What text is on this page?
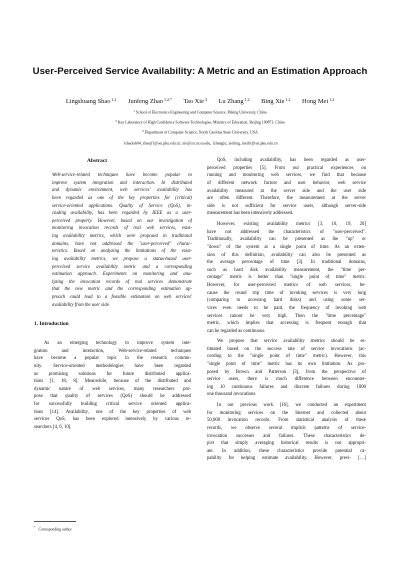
User-Perceived Service Availability: A Metric and an Estimation Approach
Lingshuang Shao$^{1,2}$ Junfeng Zhao$^{1,2,*}$ Tao Xie$^3$ Lu Zhang$^{1,2}$ Bing Xie$^{1,2}$ Hong Mei$^{1,2}$
$^1$School of Electronics Engineering and Computer Science, Peking University, China
$^2$Key Laboratory of High Confidence Software Technologies, Ministry of Education, Beijing 100871, China
$^3$Department of Computer Science, North Carolina State University, USA
{shaolsh04, zhaojf}@sei.pku.edu.cn, xie@csc.ncsu.edu, {zhanglu, xiebing, meih}@sei.pku.edu.cn
Abstract
Web-service-related techniques have become popular to
improve system integration and interaction. In distributed
and dynamic environment, web services' availability has
been regarded as one of the key properties for (critical)
service-oriented applications. Quality of Service (QoS), in-
cluding availability, has been regarded by IEEE as a user-
perceived property. However, based on our investigation of
monitoring invocation records of real web services, exist-
ing availability metrics, which were proposed in traditional
domains, have not addressed the "user-perceived" charac-
teristics. Based on analyzing the limitations of the exist-
ing availability metrics, we propose a status-based user-
perceived service availability metric and a corresponding
estimation approach. Experiments on monitoring and ana-
lyzing the invocation records of real services demonstrate
that the new metric and the corresponding estimation ap-
proach could lead to a feasible estimation on web services'
availability from the user side.
1. Introduction
As an emerging technology to improve system inte-
gration and interaction, Web-service-related techniques
have become a popular topic in the research commu-
nity. Service-oriented methodologies have been regarded
as promising solutions for future distributed applica-
tions [1, 18, 8]. Meanwhile, because of the distributed and
dynamic nature of web services, many researchers pro-
pose that quality of services (QoS) should be addressed
for successfully building critical service oriented applica-
tions [14]. Availability, one of the key properties of web
services QoS, has been explored intensively by various re-
searchers [4, 6, 10].
*Corresponding author
QoS, including availability, has been regarded as user-
perceived properties [5]. From our practical experiences on
running and monitoring web services, we find that because
of different network factors and user behavior, web service
availability measured at the server side and the user side
are often different. Therefore, the measurement at the server
side is not sufficient for service users, although server-side
measurement has been intensively addressed.
However, existing availability metrics [3, 10, 19, 20]
have not addressed the characteristics of "user-perceived".
Traditionally, availability can be presented as the "up" or
"down" of the system at a single point of time. As an exten-
sion of this definition, availability can also be presented as
the average percentage of time [3]. In traditional domains,
such as hard disk availability measurement, the "time per-
centage" metric is better than "single point of time" metric.
However, for user-perceived metrics of web services, be-
cause the round trip time of invoking services is very long
(comparing to accessing hard disks) and using some ser-
vices even needs to be paid, the frequency of invoking web
services cannot be very high. Then the "time percentage"
metric, which implies that accessing is frequent enough that
can be regarded as continuous.
We propose that service availability metrics should be es-
timated based on the success rate of service invocations (ac-
cording to the "single point of time" metric). However, this
"single point of time" metric has its own limitation. As pro-
posed by Brown and Patterson [3], from the perspective of
service users, there is much difference between encounter-
ing 10 continuous failures and discrete failures during 1000
one thousand invocations.
In our previous work [16], we conducted an experiment
for monitoring services on the Internet and collected about
50,000 invocation records. From statistical analysis of these
records, we observe several implicit patterns of service-
invocation successes and failures. These characteristics de-
pict that simply averaging historical results is not appropri-
ate. In addition, these characteristics provide potential ca-
pability for helping estimate availability. However, previ- […]
